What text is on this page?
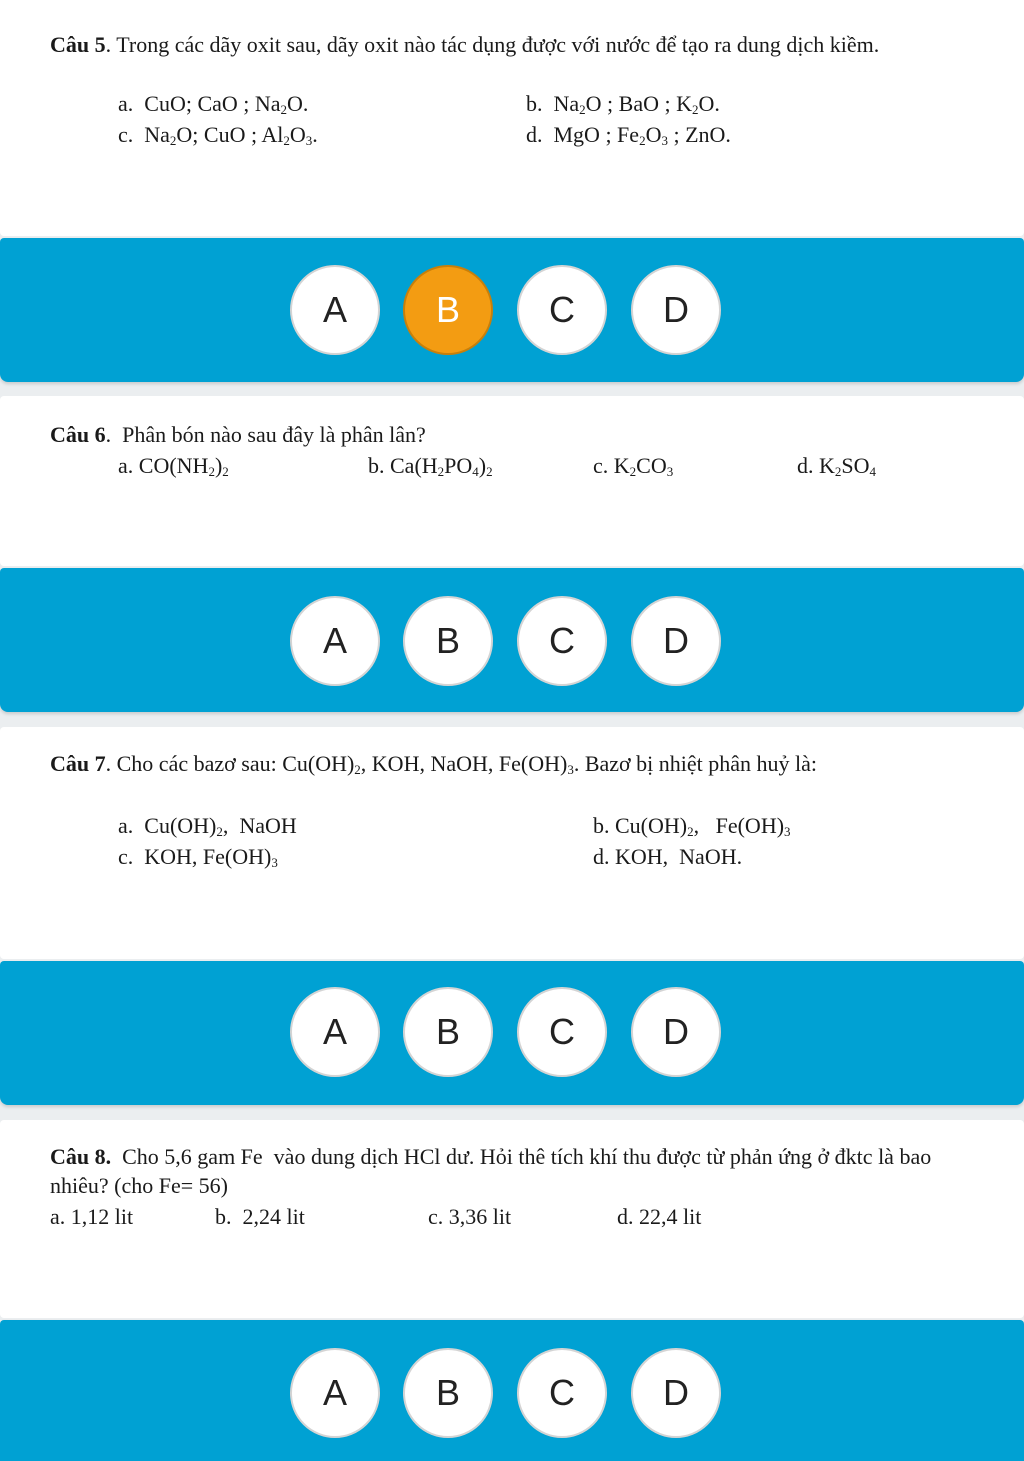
Câu 5. Trong các dãy oxit sau, dãy oxit nào tác dụng được với nước để tạo ra dung dịch kiềm.
a.  CuO; CaO ; $Na_2O$.	b.  $Na_2O$ ; BaO ; $K_2O$.
c.  $Na_2O$; CuO ; $Al_2O_3$.	d.  MgO ; $Fe_2O_3$ ; ZnO.
A	B	C	D
Câu 6.  Phân bón nào sau đây là phân lân?
a. $CO(NH_2)_2$	b. $Ca(H_2PO_4)_2$	c. $K_2CO_3$	d. $K_2SO_4$
A	B	C	D
Câu 7. Cho các bazơ sau: $Cu(OH)_2$, KOH, NaOH, $Fe(OH)_3$. Bazơ bị nhiệt phân huỷ là:
a.  $Cu(OH)_2$,  NaOH	b. $Cu(OH)_2$,   $Fe(OH)_3$
c.  KOH, $Fe(OH)_3$	d. KOH,  NaOH.
A	B	C	D
Câu 8.  Cho 5,6 gam Fe  vào dung dịch HCl dư. Hỏi thê tích khí thu được từ phản ứng ở đktc là bao nhiêu? (cho Fe= 56)
a. 1,12 lit	b.  2,24 lit	c. 3,36 lit	d. 22,4 lit
A	B	C	D
